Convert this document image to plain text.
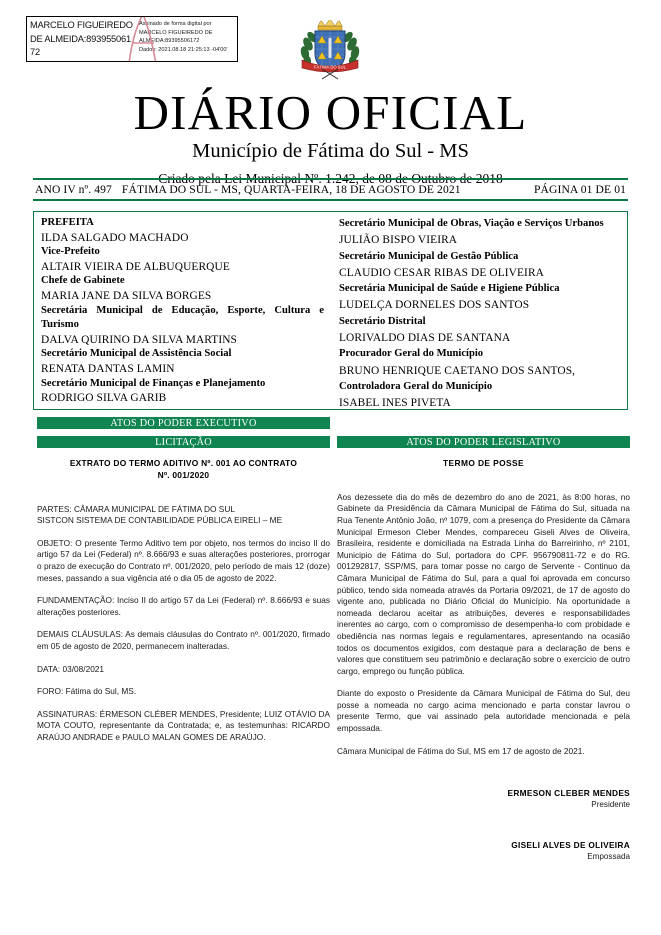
MARCELO FIGUEIREDO DE ALMEIDA:89395506172
Assinado de forma digital por
MARCELO FIGUEIREDO DE
ALMEIDA:89395506172
Dados: 2021.08.18 21:25:13 -04'00'
FÁTIMA DO SUL
DIÁRIO OFICIAL
Município de Fátima do Sul - MS
Criado pela Lei Municipal Nº. 1.242, de 08 de Outubro de 2018
ANO IV nº. 497 FÁTIMA DO SUL - MS, QUARTA-FEIRA, 18 DE AGOSTO DE 2021	PÁGINA 01 DE 01
PREFEITA
ILDA SALGADO MACHADO
Vice-Prefeito
ALTAIR VIEIRA DE ALBUQUERQUE
Chefe de Gabinete
MARIA JANE DA SILVA BORGES
Secretária Municipal de Educação, Esporte, Cultura e Turismo
DALVA QUIRINO DA SILVA MARTINS
Secretário Municipal de Assistência Social
RENATA DANTAS LAMIN
Secretário Municipal de Finanças e Planejamento
RODRIGO SILVA GARIB
Secretário Municipal de Obras, Viação e Serviços Urbanos
JULIÃO BISPO VIEIRA
Secretário Municipal de Gestão Pública
CLAUDIO CESAR RIBAS DE OLIVEIRA
Secretária Municipal de Saúde e Higiene Pública
LUDELÇA DORNELES DOS SANTOS
Secretário Distrital
LORIVALDO DIAS DE SANTANA
Procurador Geral do Município
BRUNO HENRIQUE CAETANO DOS SANTOS,
Controladora Geral do Município
ISABEL INES PIVETA
ATOS DO PODER EXECUTIVO
LICITAÇÃO	ATOS DO PODER LEGISLATIVO
EXTRATO DO TERMO ADITIVO Nº. 001 AO CONTRATO
Nº. 001/2020
PARTES: CÂMARA MUNICIPAL DE FÁTIMA DO SUL
SISTCON SISTEMA DE CONTABILIDADE PÚBLICA EIRELI – ME
OBJETO: O presente Termo Aditivo tem por objeto, nos termos do inciso II do artigo 57 da Lei (Federal) nº. 8.666/93 e suas alterações posteriores, prorrogar o prazo de execução do Contrato nº. 001/2020, pelo período de mais 12 (doze) meses, passando a sua vigência até o dia 05 de agosto de 2022.
FUNDAMENTAÇÃO: Inciso II do artigo 57 da Lei (Federal) nº. 8.666/93 e suas alterações posteriores.
DEMAIS CLÁUSULAS: As demais cláusulas do Contrato nº. 001/2020, firmado em 05 de agosto de 2020, permanecem inalteradas.
DATA: 03/08/2021
FORO: Fátima do Sul, MS.
ASSINATURAS: ÉRMESON CLÉBER MENDES, Presidente; LUIZ OTÁVIO DA MOTA COUTO, representante da Contratada; e, as testemunhas: RICARDO ARAÚJO ANDRADE e PAULO MALAN GOMES DE ARAÚJO.
TERMO DE POSSE
Aos dezessete dia do mês de dezembro do ano de 2021, às 8:00 horas, no Gabinete da Presidência da Câmara Municipal de Fátima do Sul, situada na Rua Tenente Antônio João, nº 1079, com a presença do Presidente da Câmara Municipal Ermeson Cleber Mendes, compareceu Giseli Alves de Oliveira, Brasileira, residente e domiciliada na Estrada Linha do Barreirinho, nº 2101, Municipio de Fátima do Sul, portadora do CPF. 956790811-72 e do RG. 001292817, SSP/MS, para tomar posse no cargo de Servente - Continuo da Câmara Municipal de Fátima do Sul, para a qual foi aprovada em concurso público, tendo sida nomeada através da Portaria 09/2021, de 17 de agosto do vigente ano, publicada no Diário Oficial do Município. Na oportunidade a nomeada declarou aceitar as atribuições, deveres e responsabilidades inerentes ao cargo, com o compromisso de desempenha-lo com probidade e obediência nas normas legais e regulamentares, apresentando na ocasião todos os documentos exigidos, com destaque para a declaração de bens e valores que constituem seu patrimônio e declaração sobre o exercicio de outro cargo, emprego ou função pública.
Diante do exposto o Presidente da Câmara Municipal de Fátima do Sul, deu posse a nomeada no cargo acima mencionado e parta constar lavrou o presente Termo, que vai assinado pela autoridade mencionada e pela empossada.
Câmara Municipal de Fátima do Sul, MS em 17 de agosto de 2021.
ERMESON CLEBER MENDES
Presidente
GISELI ALVES DE OLIVEIRA
Empossada
